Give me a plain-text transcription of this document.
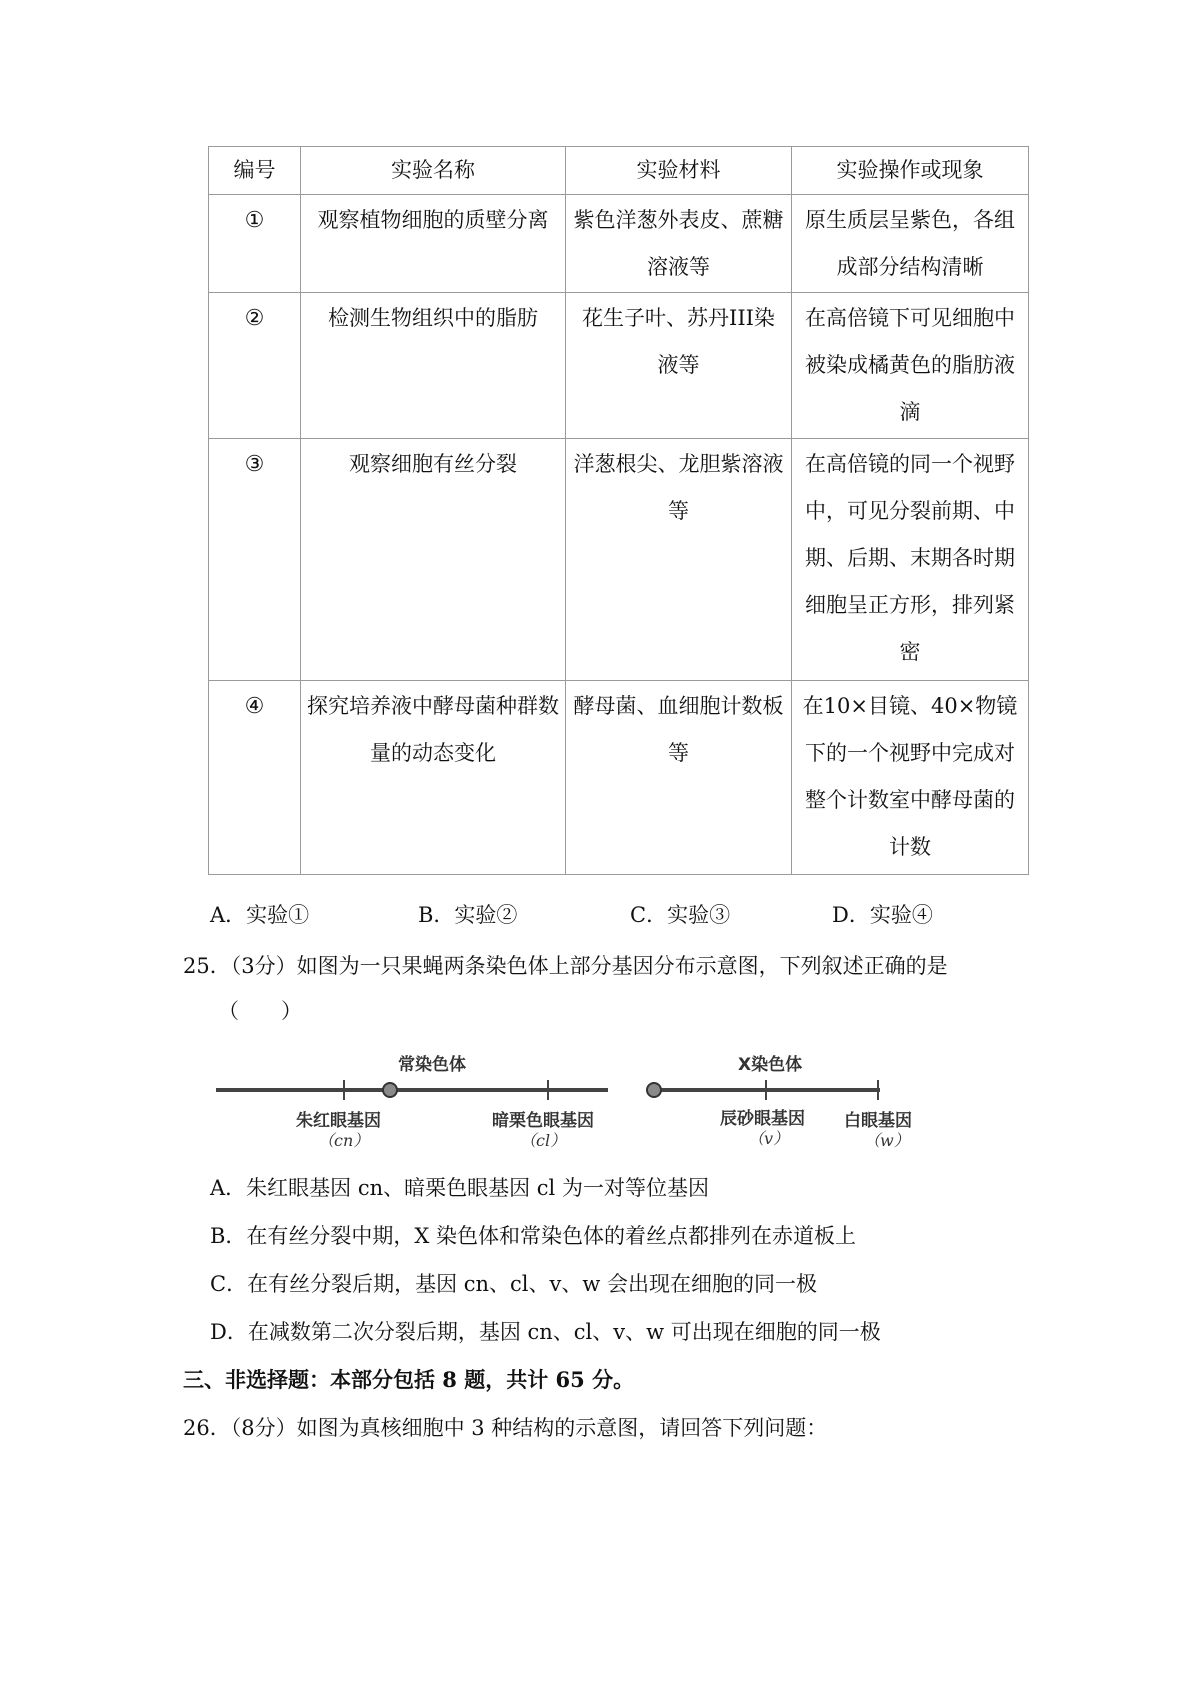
编号	实验名称	实验材料	实验操作或现象
①	观察植物细胞的质壁分离	紫色洋葱外表皮、蔗糖溶液等	原生质层呈紫色，各组成部分结构清晰
②	检测生物组织中的脂肪	花生子叶、苏丹III染液等	在高倍镜下可见细胞中被染成橘黄色的脂肪液滴
③	观察细胞有丝分裂	洋葱根尖、龙胆紫溶液等	在高倍镜的同一个视野中，可见分裂前期、中期、后期、末期各时期细胞呈正方形，排列紧密
④	探究培养液中酵母菌种群数量的动态变化	酵母菌、血细胞计数板等	在10×目镜、40×物镜下的一个视野中完成对整个计数室中酵母菌的计数
A．实验①	B．实验②	C．实验③	D．实验④
25．（3分）如图为一只果蝇两条染色体上部分基因分布示意图，下列叙述正确的是
（　　）
常染色体	X染色体
朱红眼基因
（cn）
暗栗色眼基因
（cl）
辰砂眼基因
（v）
白眼基因
（w）
A．朱红眼基因 cn、暗栗色眼基因 cl 为一对等位基因
B．在有丝分裂中期，X 染色体和常染色体的着丝点都排列在赤道板上
C．在有丝分裂后期，基因 cn、cl、v、w 会出现在细胞的同一极
D．在减数第二次分裂后期，基因 cn、cl、v、w 可出现在细胞的同一极
三、非选择题：本部分包括 8 题，共计 65 分。
26．（8分）如图为真核细胞中 3 种结构的示意图，请回答下列问题：
